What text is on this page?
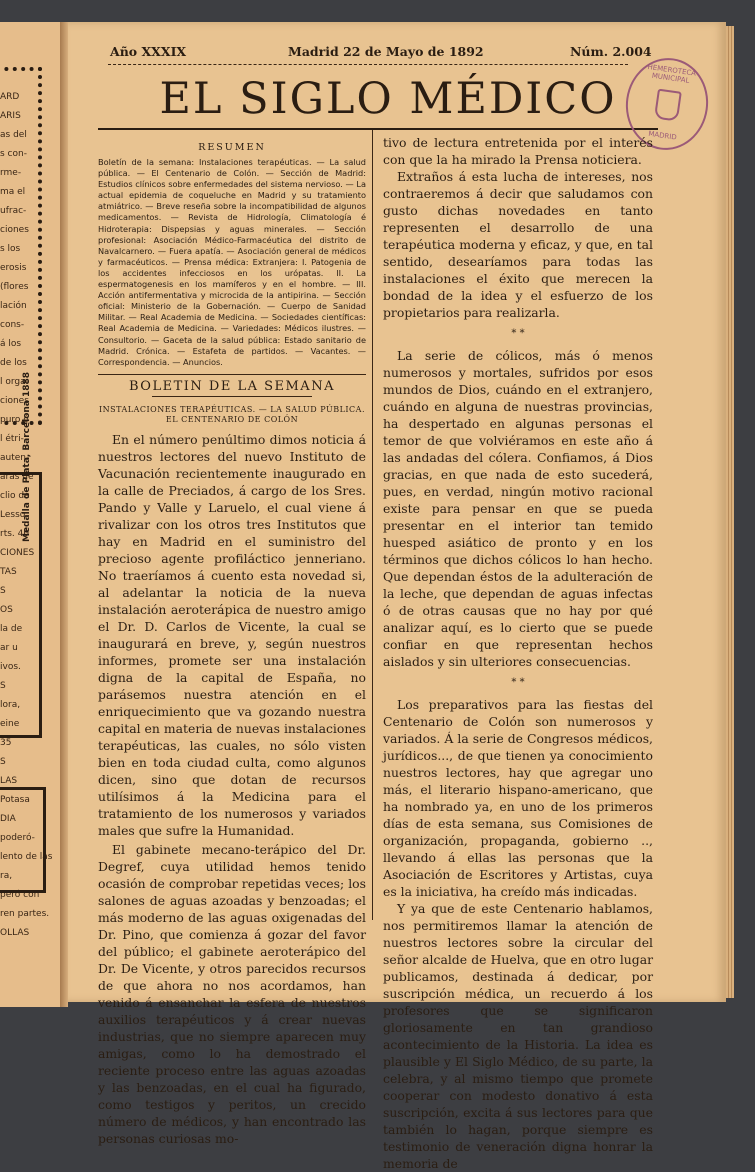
ARD
ARIS
as del
s con-
rme-
ma el
ufrac-
ciones
s los
erosis
(flores
lación
cons-
á los
de los
l orga-
ciones
puro ó
l étri-
auten-
aras de
clio de
Lesso
rts. 40
CIONES
TAS
S
OS
la de
ar u
ivos.
S
lora,
eine
35
S
LAS
Potasa
DIA
poderó-
lento de las
ra,
peró con
ren partes.
OLLAS
Medalla de Plata, Barcelona 1888
Año XXXIX	Madrid 22 de Mayo de 1892	Núm. 2.004
EL SIGLO MÉDICO
HEMEROTECA MUNICIPAL
MADRID
RESUMEN
Boletín de la semana: Instalaciones terapéuticas. — La salud pública. — El Centenario de Colón. — Sección de Madrid: Estudios clínicos sobre enfermedades del sistema nervioso. — La actual epidemia de coqueluche en Madrid y su tratamiento atmiátrico. — Breve reseña sobre la incompatibilidad de algunos medicamentos. — Revista de Hidrología, Climatología é Hidroterapia: Dispepsias y aguas minerales. — Sección profesional: Asociación Médico-Farmacéutica del distrito de Navalcarnero. — Fuera apatía. — Asociación general de médicos y farmacéuticos. — Prensa médica: Extranjera: I. Patogenia de los accidentes infecciosos en los urópatas. II. La espermatogenesis en los mamíferos y en el hombre. — III. Acción antifermentativa y microcida de la antipirina. — Sección oficial: Ministerio de la Gobernación. — Cuerpo de Sanidad Militar. — Real Academia de Medicina. — Sociedades científicas: Real Academia de Medicina. — Variedades: Médicos ilustres. — Consultorio. — Gaceta de la salud pública: Estado sanitario de Madrid. Crónica. — Estafeta de partidos. — Vacantes. — Correspondencia. — Anuncios.
BOLETIN DE LA SEMANA
INSTALACIONES TERAPÉUTICAS. — LA SALUD PÚBLICA. EL CENTENARIO DE COLÓN

En el número penúltimo dimos noticia á nuestros lectores del nuevo Instituto de Vacunación recientemente inaugurado en la calle de Preciados, á cargo de los Sres. Pando y Valle y Laruelo, el cual viene á rivalizar con los otros tres Institutos que hay en Madrid en el suministro del precioso agente profiláctico jenneriano. No traeríamos á cuento esta novedad si, al adelantar la noticia de la nueva instalación aeroterápica de nuestro amigo el Dr. D. Carlos de Vicente, la cual se inaugurará en breve, y, según nuestros informes, promete ser una instalación digna de la capital de España, no parásemos nuestra atención en el enriquecimiento que va gozando nuestra capital en materia de nuevas instalaciones terapéuticas, las cuales, no sólo visten bien en toda ciudad culta, como algunos dicen, sino que dotan de recursos utilísimos á la Medicina para el tratamiento de los numerosos y variados males que sufre la Humanidad.

El gabinete mecano-terápico del Dr. Degref, cuya utilidad hemos tenido ocasión de comprobar repetidas veces; los salones de aguas azoadas y benzoadas; el más moderno de las aguas oxigenadas del Dr. Pino, que comienza á gozar del favor del público; el gabinete aeroterápico del Dr. De Vicente, y otros parecidos recursos de que ahora no nos acordamos, han venido á ensanchar la esfera de nuestros auxilios terapéuticos y á crear nuevas industrias, que no siempre aparecen muy amigas, como lo ha demostrado el reciente proceso entre las aguas azoadas y las benzoadas, en el cual ha figurado, como testigos y peritos, un crecido número de médicos, y han encontrado las personas curiosas mo-

tivo de lectura entretenida por el interés con que la ha mirado la Prensa noticiera.

Extraños á esta lucha de intereses, nos contraeremos á decir que saludamos con gusto dichas novedades en tanto representen el desarrollo de una terapéutica moderna y eficaz, y que, en tal sentido, desearíamos para todas las instalaciones el éxito que merecen la bondad de la idea y el esfuerzo de los propietarios para realizarla.

* *

La serie de cólicos, más ó menos numerosos y mortales, sufridos por esos mundos de Dios, cuándo en el extranjero, cuándo en alguna de nuestras provincias, ha despertado en algunas personas el temor de que volviéramos en este año á las andadas del cólera. Confiamos, á Dios gracias, en que nada de esto sucederá, pues, en verdad, ningún motivo racional existe para pensar en que se pueda presentar en el interior tan temido huesped asiático de pronto y en los términos que dichos cólicos lo han hecho. Que dependan éstos de la adulteración de la leche, que dependan de aguas infectas ó de otras causas que no hay por qué analizar aquí, es lo cierto que se puede confiar en que representan hechos aislados y sin ulteriores consecuencias.

* *

Los preparativos para las fiestas del Centenario de Colón son numerosos y variados. Á la serie de Congresos médicos, jurídicos..., de que tienen ya conocimiento nuestros lectores, hay que agregar uno más, el literario hispano-americano, que ha nombrado ya, en uno de los primeros días de esta semana, sus Comisiones de organización, propaganda, gobierno .., llevando á ellas las personas que la Asociación de Escritores y Artistas, cuya es la iniciativa, ha creído más indicadas.

Y ya que de este Centenario hablamos, nos permitiremos llamar la atención de nuestros lectores sobre la circular del señor alcalde de Huelva, que en otro lugar publicamos, destinada á dedicar, por suscripción médica, un recuerdo á los profesores que se significaron gloriosamente en tan grandioso acontecimiento de la Historia. La idea es plausible y El Siglo Médico, de su parte, la celebra, y al mismo tiempo que promete cooperar con modesto donativo á esta suscripción, excita á sus lectores para que también lo hagan, porque siempre es testimonio de veneración digna honrar la memoria de
